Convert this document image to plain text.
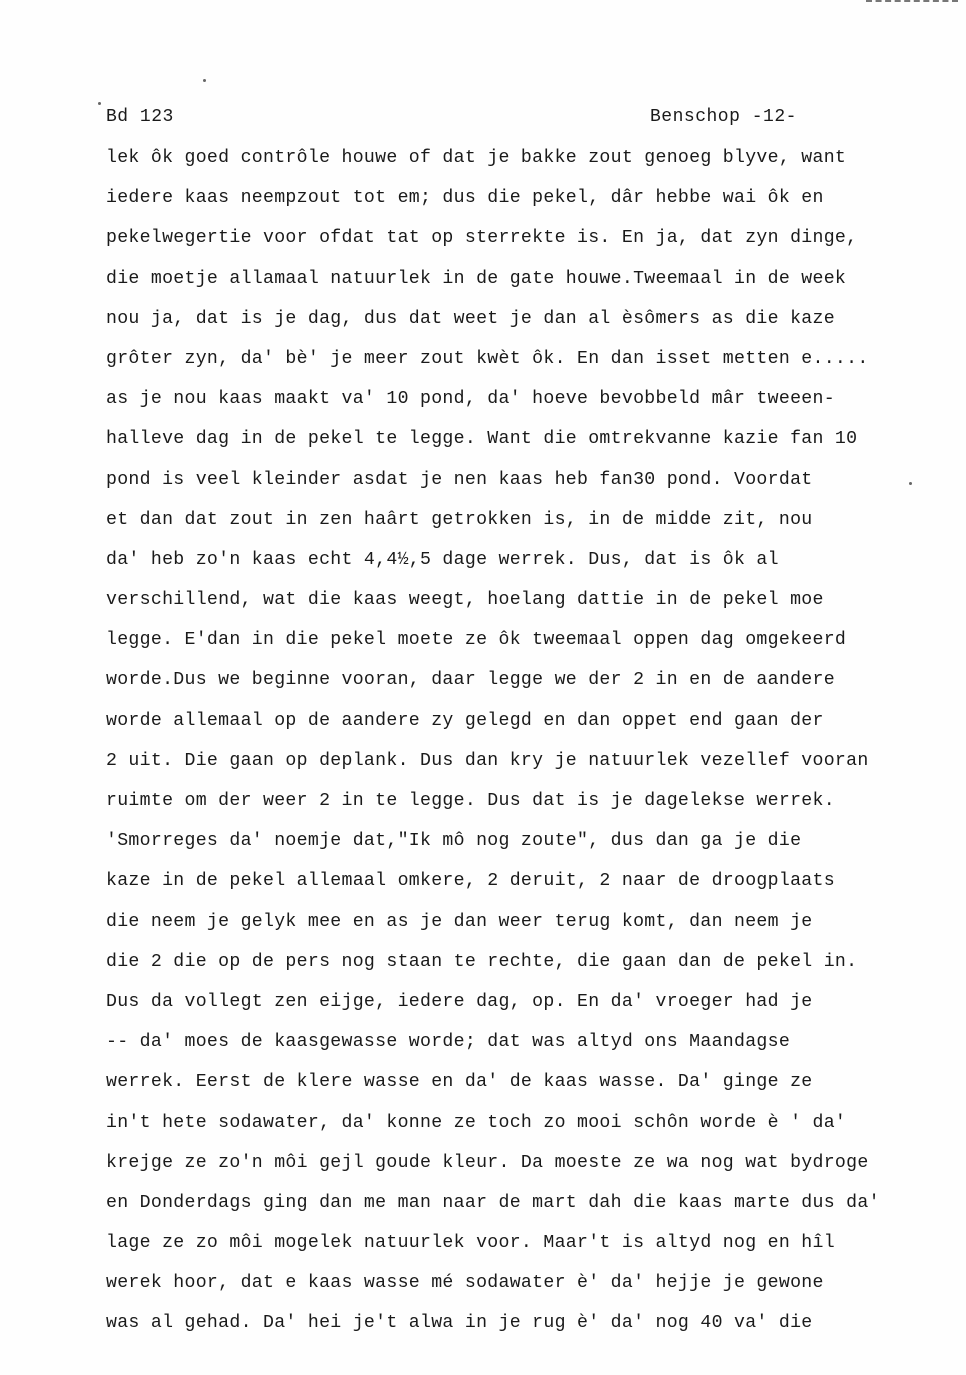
Bd 123	Benschop -12-
lek ôk goed contrôle houwe of dat je bakke zout genoeg blyve, want
iedere kaas neempzout tot em; dus die pekel, dâr hebbe wai ôk en
pekelwegertie voor ofdat tat op sterrekte is. En ja, dat zyn dinge,
die moetje allamaal natuurlek in de gate houwe.Tweemaal in de week
nou ja, dat is je dag, dus dat weet je dan al èsômers as die kaze
grôter zyn, da' bè' je meer zout kwèt ôk. En dan isset metten e.....
as je nou kaas maakt va' 10 pond, da' hoeve bevobbeld mâr tweeen-
halleve dag in de pekel te legge. Want die omtrekvanne kazie fan 10
pond is veel kleinder asdat je nen kaas heb fan30 pond. Voordat
et dan dat zout in zen haârt getrokken is, in de midde zit, nou
da' heb zo'n kaas echt 4,4½,5 dage werrek. Dus, dat is ôk al
verschillend, wat die kaas weegt, hoelang dattie in de pekel moe
legge. E'dan in die pekel moete ze ôk tweemaal oppen dag omgekeerd
worde.Dus we beginne vooran, daar legge we der 2 in en de aandere
worde allemaal op de aandere zy gelegd en dan oppet end gaan der
2 uit. Die gaan op deplank. Dus dan kry je natuurlek vezellef vooran
ruimte om der weer 2 in te legge. Dus dat is je dagelekse werrek.
'Smorreges da' noemje dat,"Ik mô nog zoute", dus dan ga je die
kaze in de pekel allemaal omkere, 2 deruit, 2 naar de droogplaats
die neem je gelyk mee en as je dan weer terug komt, dan neem je
die 2 die op de pers nog staan te rechte, die gaan dan de pekel in.
Dus da vollegt zen eijge, iedere dag, op. En da' vroeger had je
-- da' moes de kaasgewasse worde; dat was altyd ons Maandagse
werrek. Eerst de klere wasse en da' de kaas wasse. Da' ginge ze
in't hete sodawater, da' konne ze toch zo mooi schôn worde è ' da'
krejge ze zo'n môi gejl goude kleur. Da moeste ze wa nog wat bydroge
en Donderdags ging dan me man naar de mart dah die kaas marte dus da'
lage ze zo môi mogelek natuurlek voor. Maar't is altyd nog en hîl
werek hoor, dat e kaas wasse mé sodawater è' da' hejje je gewone
was al gehad. Da' hei je't alwa in je rug è' da' nog 40 va' die
